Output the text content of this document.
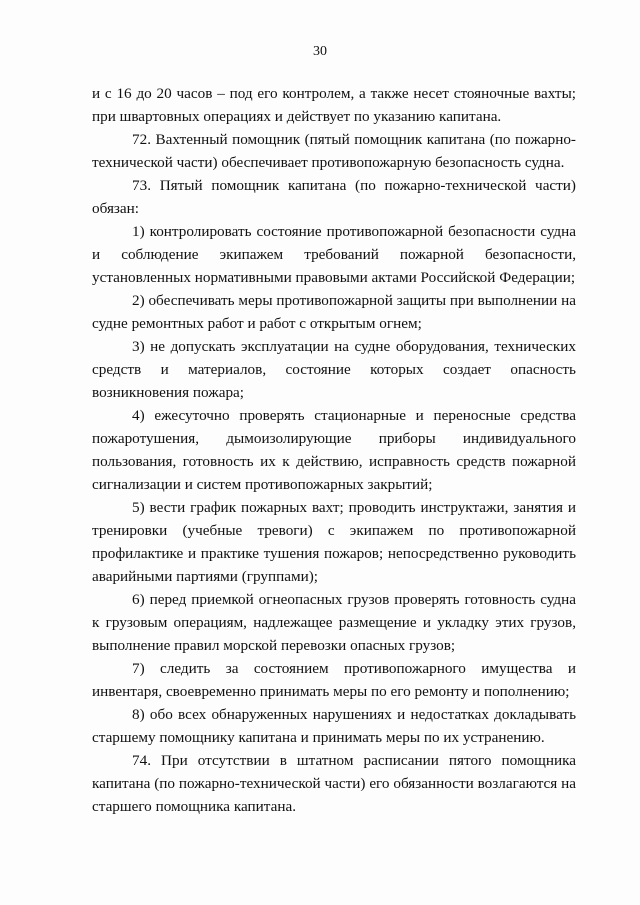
30

и с 16 до 20 часов – под его контролем, а также несет стояночные вахты; при швартовных операциях и действует по указанию капитана.

72. Вахтенный помощник (пятый помощник капитана (по пожарно-технической части) обеспечивает противопожарную безопасность судна.

73. Пятый помощник капитана (по пожарно-технической части) обязан:

1) контролировать состояние противопожарной безопасности судна и соблюдение экипажем требований пожарной безопасности, установленных нормативными правовыми актами Российской Федерации;

2) обеспечивать меры противопожарной защиты при выполнении на судне ремонтных работ и работ с открытым огнем;

3) не допускать эксплуатации на судне оборудования, технических средств и материалов, состояние которых создает опасность возникновения пожара;

4) ежесуточно проверять стационарные и переносные средства пожаротушения, дымоизолирующие приборы индивидуального пользования, готовность их к действию, исправность средств пожарной сигнализации и систем противопожарных закрытий;

5) вести график пожарных вахт; проводить инструктажи, занятия и тренировки (учебные тревоги) с экипажем по противопожарной профилактике и практике тушения пожаров; непосредственно руководить аварийными партиями (группами);

6) перед приемкой огнеопасных грузов проверять готовность судна к грузовым операциям, надлежащее размещение и укладку этих грузов, выполнение правил морской перевозки опасных грузов;

7) следить за состоянием противопожарного имущества и инвентаря, своевременно принимать меры по его ремонту и пополнению;

8) обо всех обнаруженных нарушениях и недостатках докладывать старшему помощнику капитана и принимать меры по их устранению.

74. При отсутствии в штатном расписании пятого помощника капитана (по пожарно-технической части) его обязанности возлагаются на старшего помощника капитана.
